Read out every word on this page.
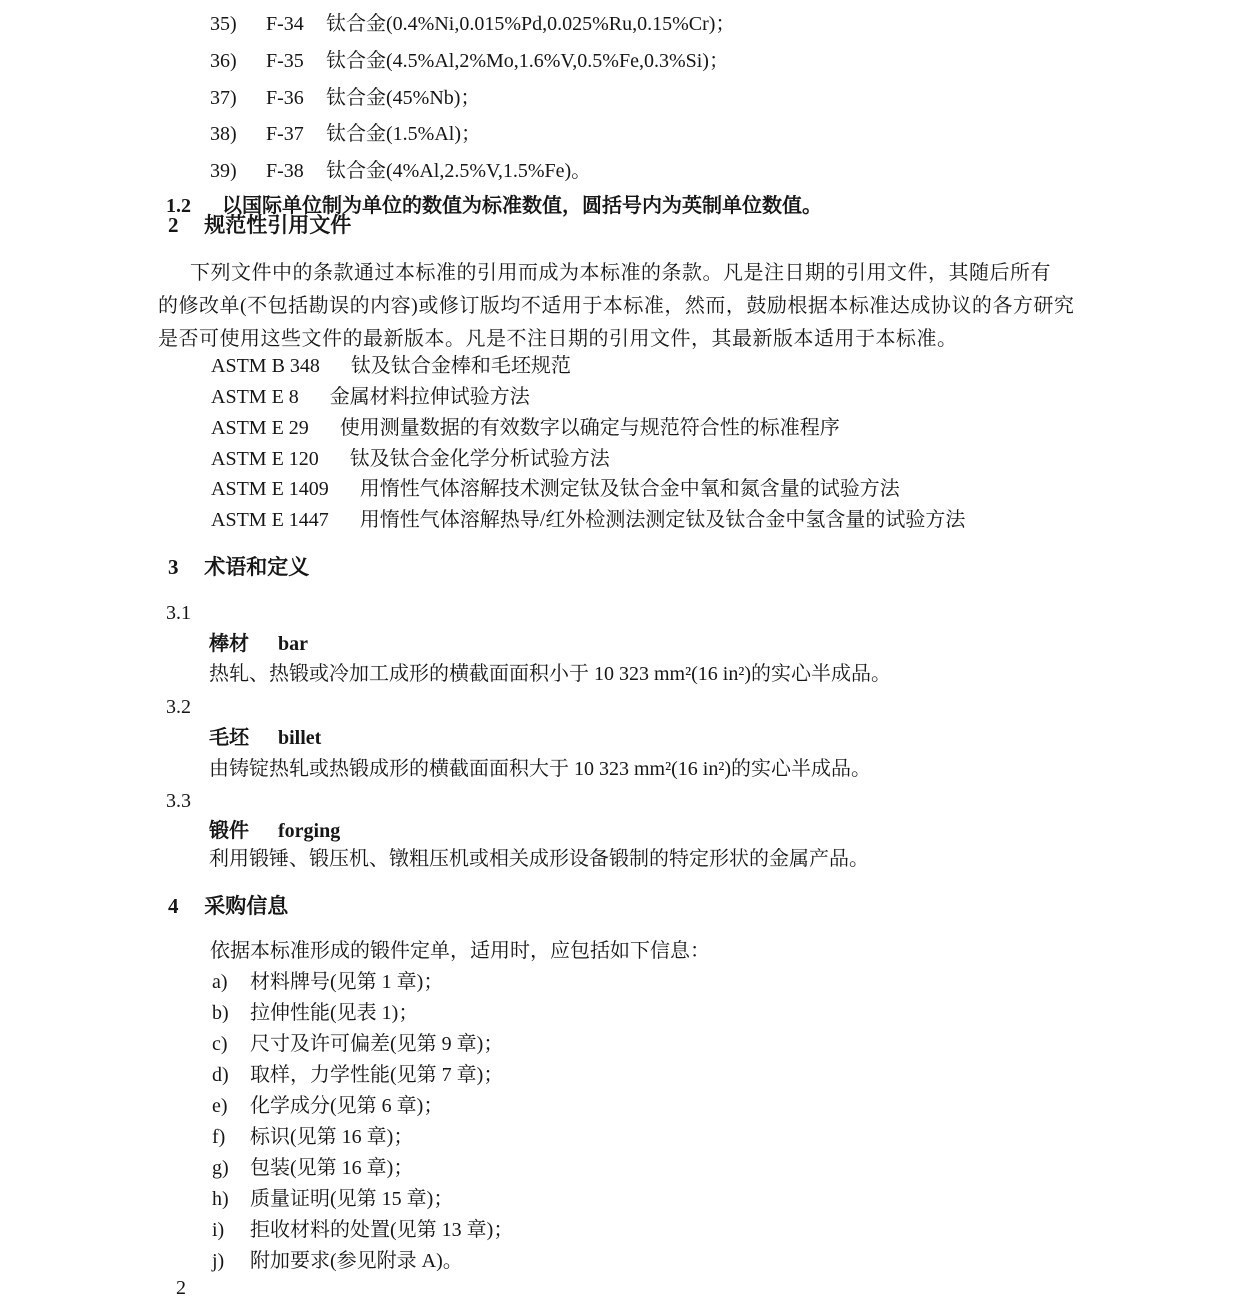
35)	F-34	钛合金(0.4%Ni,0.015%Pd,0.025%Ru,0.15%Cr)；
36)	F-35	钛合金(4.5%Al,2%Mo,1.6%V,0.5%Fe,0.3%Si)；
37)	F-36	钛合金(45%Nb)；
38)	F-37	钛合金(1.5%Al)；
39)	F-38	钛合金(4%Al,2.5%V,1.5%Fe)。
1.2 以国际单位制为单位的数值为标准数值，圆括号内为英制单位数值。
2 规范性引用文件
下列文件中的条款通过本标准的引用而成为本标准的条款。凡是注日期的引用文件，其随后所有
的修改单(不包括勘误的内容)或修订版均不适用于本标准，然而，鼓励根据本标准达成协议的各方研究
是否可使用这些文件的最新版本。凡是不注日期的引用文件，其最新版本适用于本标准。
ASTM B 348 钛及钛合金棒和毛坯规范
ASTM E 8 金属材料拉伸试验方法
ASTM E 29 使用测量数据的有效数字以确定与规范符合性的标准程序
ASTM E 120 钛及钛合金化学分析试验方法
ASTM E 1409 用惰性气体溶解技术测定钛及钛合金中氧和氮含量的试验方法
ASTM E 1447 用惰性气体溶解热导/红外检测法测定钛及钛合金中氢含量的试验方法
3 术语和定义
3.1
棒材 bar
热轧、热锻或冷加工成形的横截面面积小于 10 323 mm²(16 in²)的实心半成品。
3.2
毛坯 billet
由铸锭热轧或热锻成形的横截面面积大于 10 323 mm²(16 in²)的实心半成品。
3.3
锻件 forging
利用锻锤、锻压机、镦粗压机或相关成形设备锻制的特定形状的金属产品。
4 采购信息
依据本标准形成的锻件定单，适用时，应包括如下信息：
a)	材料牌号(见第 1 章)；
b)	拉伸性能(见表 1)；
c)	尺寸及许可偏差(见第 9 章)；
d)	取样，力学性能(见第 7 章)；
e)	化学成分(见第 6 章)；
f)	标识(见第 16 章)；
g)	包装(见第 16 章)；
h)	质量证明(见第 15 章)；
i)	拒收材料的处置(见第 13 章)；
j)	附加要求(参见附录 A)。
2
